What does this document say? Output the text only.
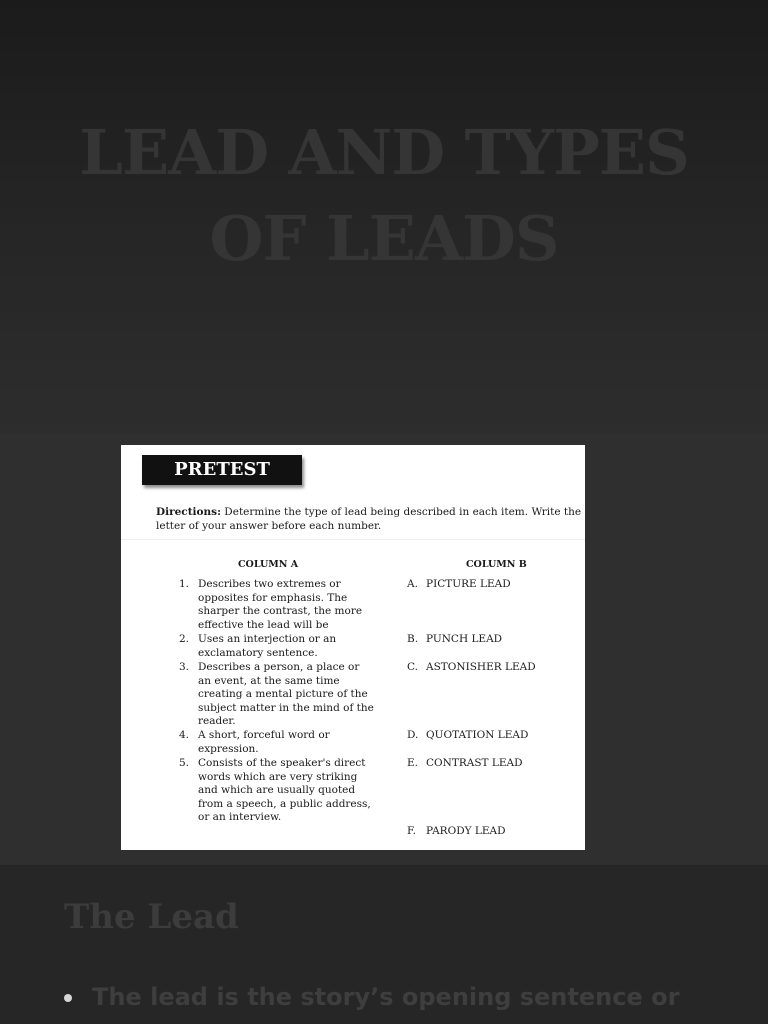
LEAD AND TYPES
OF LEADS
PRETEST
Directions: Determine the type of lead being described in each item. Write the
letter of your answer before each number.
COLUMN A	COLUMN B
1. Describes two extremes or
opposites for emphasis. The
sharper the contrast, the more
effective the lead will be
2. Uses an interjection or an
exclamatory sentence.
3. Describes a person, a place or
an event, at the same time
creating a mental picture of the
subject matter in the mind of the
reader.
4. A short, forceful word or
expression.
5. Consists of the speaker's direct
words which are very striking
and which are usually quoted
from a speech, a public address,
or an interview.
A. PICTURE LEAD
B. PUNCH LEAD
C. ASTONISHER LEAD
D. QUOTATION LEAD
E. CONTRAST LEAD
F. PARODY LEAD
The Lead
The lead is the story’s opening sentence or
